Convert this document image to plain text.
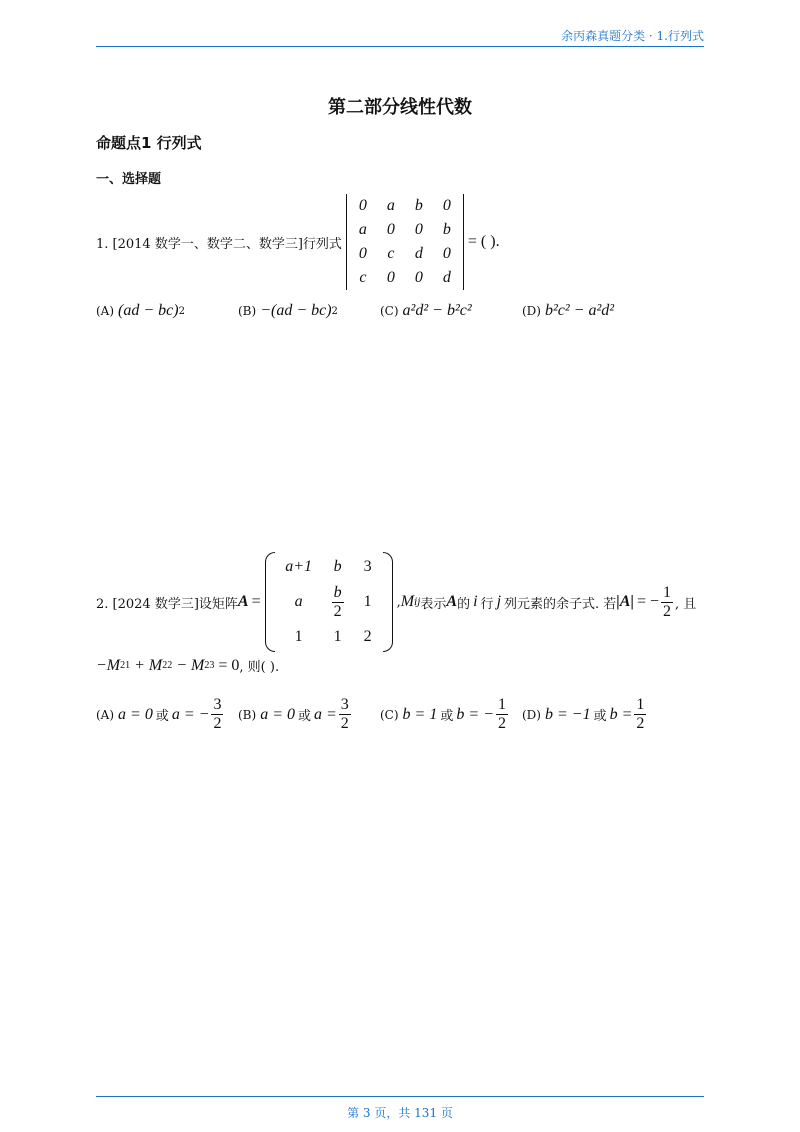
余丙森真题分类 · 1.行列式
第二部分线性代数
命题点1 行列式
一、选择题
1. [2014 数学一、数学二、数学三]行列式
0	a	b	0
a	0	0	b
0	c	d	0
c	0	0	d
= ( ).
(A) (ad − bc) 2	(B) −(ad − bc) 2	(C) a²d² − b²c²	(D) b²c² − a²d²
2. [2024 数学三]设矩阵 A =
a+1	b	3
a	$\frac{b}{2}$	1
1	1	2
, M ij 表示 A 的 i 行 j 列元素的余子式. 若 |A| = − $\frac{1}{2}$ , 且
−M 21 + M 22 − M 23 = 0 , 则( ).
(A) a = 0 或 a = − $\frac{3}{2} (B) a = 0$ 或 $a = \frac{3}{2} (C) b = 1$ 或 b = − $\frac{1}{2} (D) b = -1$ 或 $b = \frac{1}{2}$
第 3 页，共 131 页
